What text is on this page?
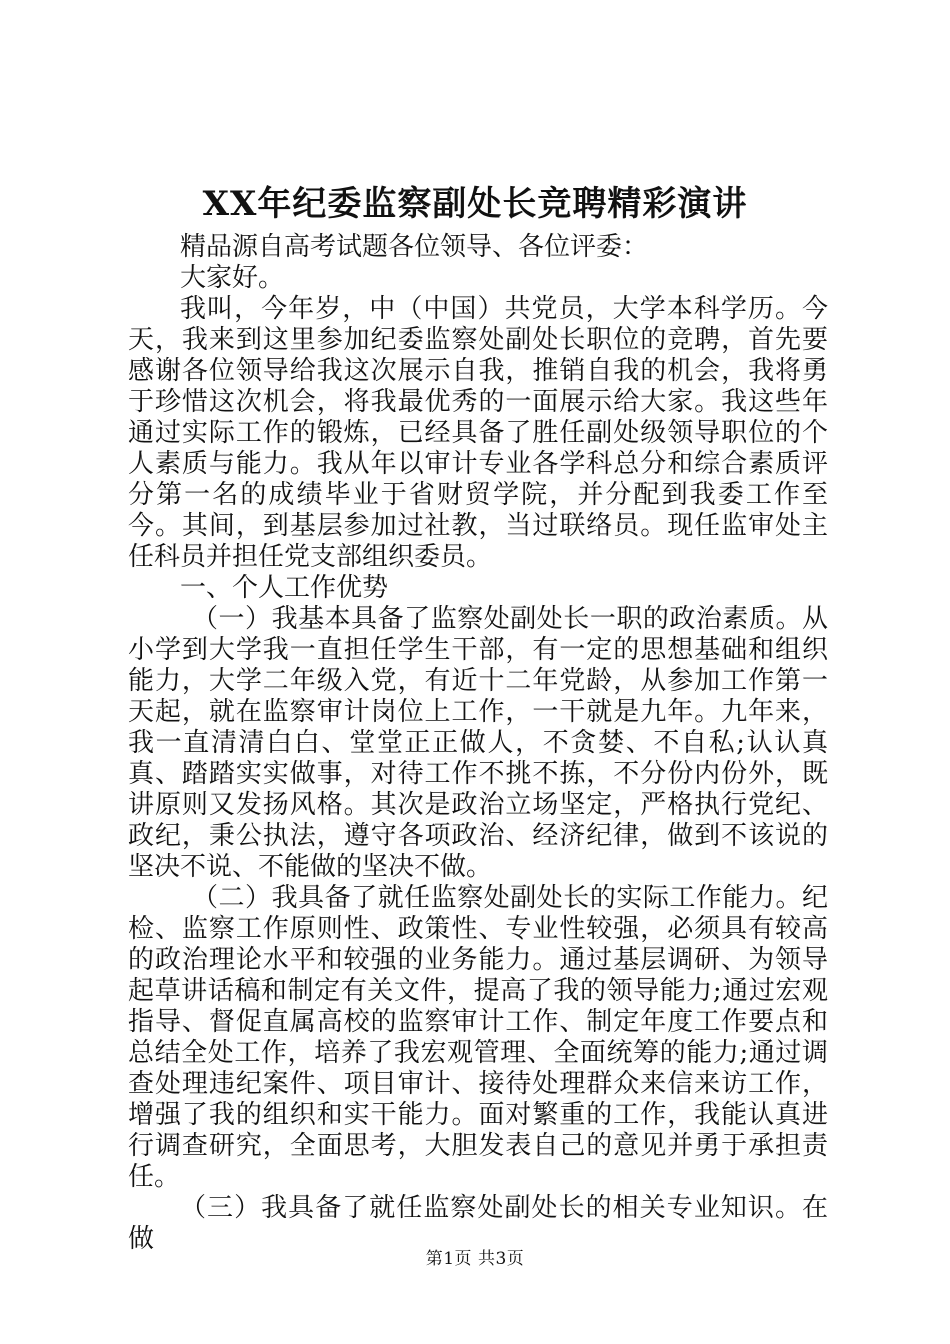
XX年纪委监察副处长竞聘精彩演讲

精品源自高考试题各位领导、各位评委：

大家好。

我叫，今年岁，中（中国）共党员，大学本科学历。今天，我来到这里参加纪委监察处副处长职位的竞聘，首先要感谢各位领导给我这次展示自我，推销自我的机会，我将勇于珍惜这次机会，将我最优秀的一面展示给大家。我这些年通过实际工作的锻炼，已经具备了胜任副处级领导职位的个人素质与能力。我从年以审计专业各学科总分和综合素质评分第一名的成绩毕业于省财贸学院，并分配到我委工作至今。其间，到基层参加过社教，当过联络员。现任监审处主任科员并担任党支部组织委员。

一、个人工作优势

（一）我基本具备了监察处副处长一职的政治素质。从小学到大学我一直担任学生干部，有一定的思想基础和组织能力，大学二年级入党，有近十二年党龄，从参加工作第一天起，就在监察审计岗位上工作，一干就是九年。九年来，我一直清清白白、堂堂正正做人，不贪婪、不自私;认认真真、踏踏实实做事，对待工作不挑不拣，不分份内份外，既讲原则又发扬风格。其次是政治立场坚定，严格执行党纪、政纪，秉公执法，遵守各项政治、经济纪律，做到不该说的坚决不说、不能做的坚决不做。

（二）我具备了就任监察处副处长的实际工作能力。纪检、监察工作原则性、政策性、专业性较强，必须具有较高的政治理论水平和较强的业务能力。通过基层调研、为领导起草讲话稿和制定有关文件，提高了我的领导能力;通过宏观指导、督促直属高校的监察审计工作、制定年度工作要点和总结全处工作，培养了我宏观管理、全面统筹的能力;通过调查处理违纪案件、项目审计、接待处理群众来信来访工作，增强了我的组织和实干能力。面对繁重的工作，我能认真进行调查研究，全面思考，大胆发表自己的意见并勇于承担责任。

（三）我具备了就任监察处副处长的相关专业知识。在做

第1页 共3页
